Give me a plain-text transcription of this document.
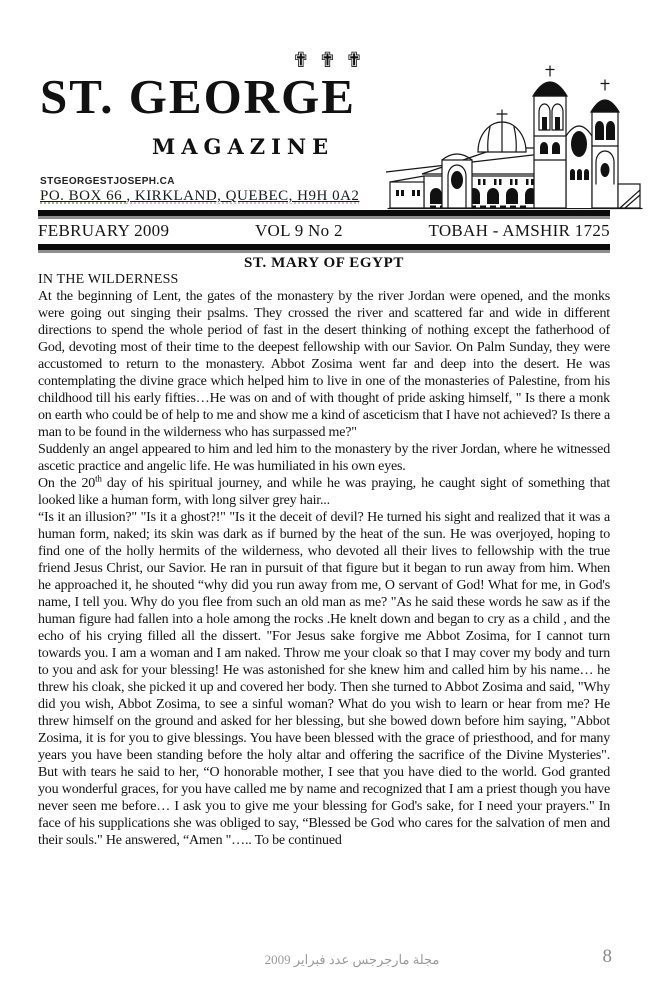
✟✟✟
ST. GEORGE
MAGAZINE
STGEORGESTJOSEPH.CA
PO. BOX 66 , KIRKLAND, QUEBEC, H9H 0A2
FEBRUARY 2009	VOL 9 No 2	TOBAH - AMSHIR 1725
ST. MARY OF EGYPT

IN THE WILDERNESS

At the beginning of Lent, the gates of the monastery by the river Jordan were opened, and the monks were going out singing their psalms. They crossed the river and scattered far and wide in different directions to spend the whole period of fast in the desert thinking of nothing except the fatherhood of God, devoting most of their time to the deepest fellowship with our Savior. On Palm Sunday, they were accustomed to return to the monastery. Abbot Zosima went far and deep into the desert. He was contemplating the divine grace which helped him to live in one of the monasteries of Palestine, from his childhood till his early fifties…He was on and of with thought of pride asking himself, " Is there a monk on earth who could be of help to me and show me a kind of asceticism that I have not achieved? Is there a man to be found in the wilderness who has surpassed me?"

Suddenly an angel appeared to him and led him to the monastery by the river Jordan, where he witnessed ascetic practice and angelic life. He was humiliated in his own eyes.

On the 20th day of his spiritual journey, and while he was praying, he caught sight of something that looked like a human form, with long silver grey hair...

“Is it an illusion?" "Is it a ghost?!" "Is it the deceit of devil? He turned his sight and realized that it was a human form, naked; its skin was dark as if burned by the heat of the sun. He was overjoyed, hoping to find one of the holly hermits of the wilderness, who devoted all their lives to fellowship with the true friend Jesus Christ, our Savior. He ran in pursuit of that figure but it began to run away from him. When he approached it, he shouted “why did you run away from me, O servant of God! What for me, in God's name, I tell you. Why do you flee from such an old man as me? "As he said these words he saw as if the human figure had fallen into a hole among the rocks .He knelt down and began to cry as a child , and the echo of his crying filled all the dissert. "For Jesus sake forgive me Abbot Zosima, for I cannot turn towards you. I am a woman and I am naked. Throw me your cloak so that I may cover my body and turn to you and ask for your blessing! He was astonished for she knew him and called him by his name… he threw his cloak, she picked it up and covered her body. Then she turned to Abbot Zosima and said, "Why did you wish, Abbot Zosima, to see a sinful woman? What do you wish to learn or hear from me? He threw himself on the ground and asked for her blessing, but she bowed down before him saying, "Abbot Zosima, it is for you to give blessings. You have been blessed with the grace of priesthood, and for many years you have been standing before the holy altar and offering the sacrifice of the Divine Mysteries". But with tears he said to her, “O honorable mother, I see that you have died to the world. God granted you wonderful graces, for you have called me by name and recognized that I am a priest though you have never seen me before… I ask you to give me your blessing for God's sake, for I need your prayers." In face of his supplications she was obliged to say, “Blessed be God who cares for the salvation of men and their souls." He answered, “Amen "….. To be continued

مجلة مارجرجس عدد فبراير 2009	8
